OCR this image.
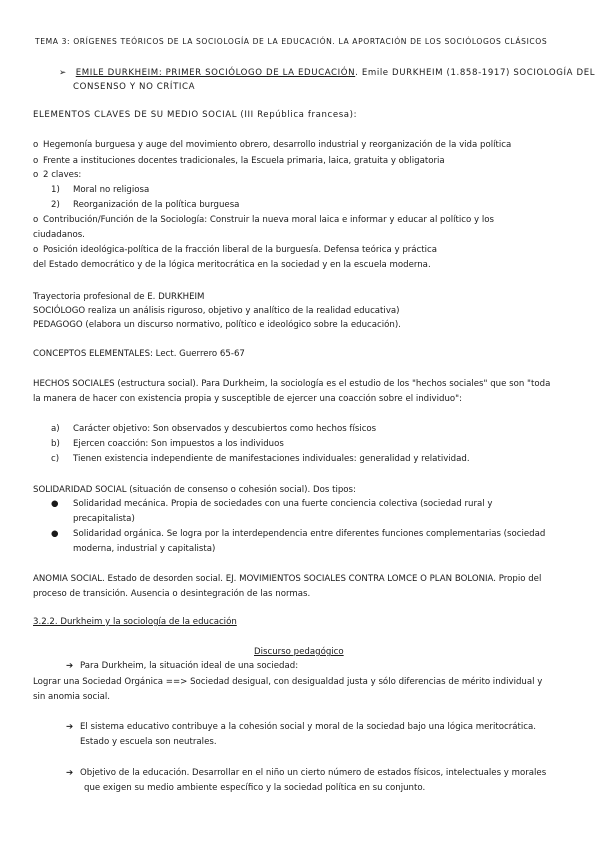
TEMA 3: ORÍGENES TEÓRICOS DE LA SOCIOLOGÍA DE LA EDUCACIÓN. LA APORTACIÓN DE LOS SOCIÓLOGOS CLÁSICOS
➢ EMILE DURKHEIM: PRIMER SOCIÓLOGO DE LA EDUCACIÓN. Emile DURKHEIM (1.858-1917) SOCIOLOGÍA DEL
CONSENSO Y NO CRÍTICA
ELEMENTOS CLAVES DE SU MEDIO SOCIAL (III República francesa):
o Hegemonía burguesa y auge del movimiento obrero, desarrollo industrial y reorganización de la vida política
o Frente a instituciones docentes tradicionales, la Escuela primaria, laica, gratuita y obligatoria
o 2 claves:
1) Moral no religiosa
2) Reorganización de la política burguesa
o Contribución/Función de la Sociología: Construir la nueva moral laica e informar y educar al político y los
ciudadanos.
o Posición ideológica-política de la fracción liberal de la burguesía. Defensa teórica y práctica
del Estado democrático y de la lógica meritocrática en la sociedad y en la escuela moderna.
Trayectoria profesional de E. DURKHEIM
SOCIÓLOGO realiza un análisis riguroso, objetivo y analítico de la realidad educativa)
PEDAGOGO (elabora un discurso normativo, político e ideológico sobre la educación).
CONCEPTOS ELEMENTALES: Lect. Guerrero 65-67
HECHOS SOCIALES (estructura social). Para Durkheim, la sociología es el estudio de los "hechos sociales" que son "toda
la manera de hacer con existencia propia y susceptible de ejercer una coacción sobre el individuo":
a) Carácter objetivo: Son observados y descubiertos como hechos físicos
b) Ejercen coacción: Son impuestos a los individuos
c) Tienen existencia independiente de manifestaciones individuales: generalidad y relatividad.
SOLIDARIDAD SOCIAL (situación de consenso o cohesión social). Dos tipos:
● Solidaridad mecánica. Propia de sociedades con una fuerte conciencia colectiva (sociedad rural y
precapitalista)
● Solidaridad orgánica. Se logra por la interdependencia entre diferentes funciones complementarias (sociedad
moderna, industrial y capitalista)
ANOMIA SOCIAL. Estado de desorden social. EJ. MOVIMIENTOS SOCIALES CONTRA LOMCE O PLAN BOLONIA. Propio del
proceso de transición. Ausencia o desintegración de las normas.
3.2.2. Durkheim y la sociología de la educación
Discurso pedagógico
➔ Para Durkheim, la situación ideal de una sociedad:
Lograr una Sociedad Orgánica ==> Sociedad desigual, con desigualdad justa y sólo diferencias de mérito individual y
sin anomia social.
➔ El sistema educativo contribuye a la cohesión social y moral de la sociedad bajo una lógica meritocrática.
Estado y escuela son neutrales.
➔ Objetivo de la educación. Desarrollar en el niño un cierto número de estados físicos, intelectuales y morales
que exigen su medio ambiente específico y la sociedad política en su conjunto.
